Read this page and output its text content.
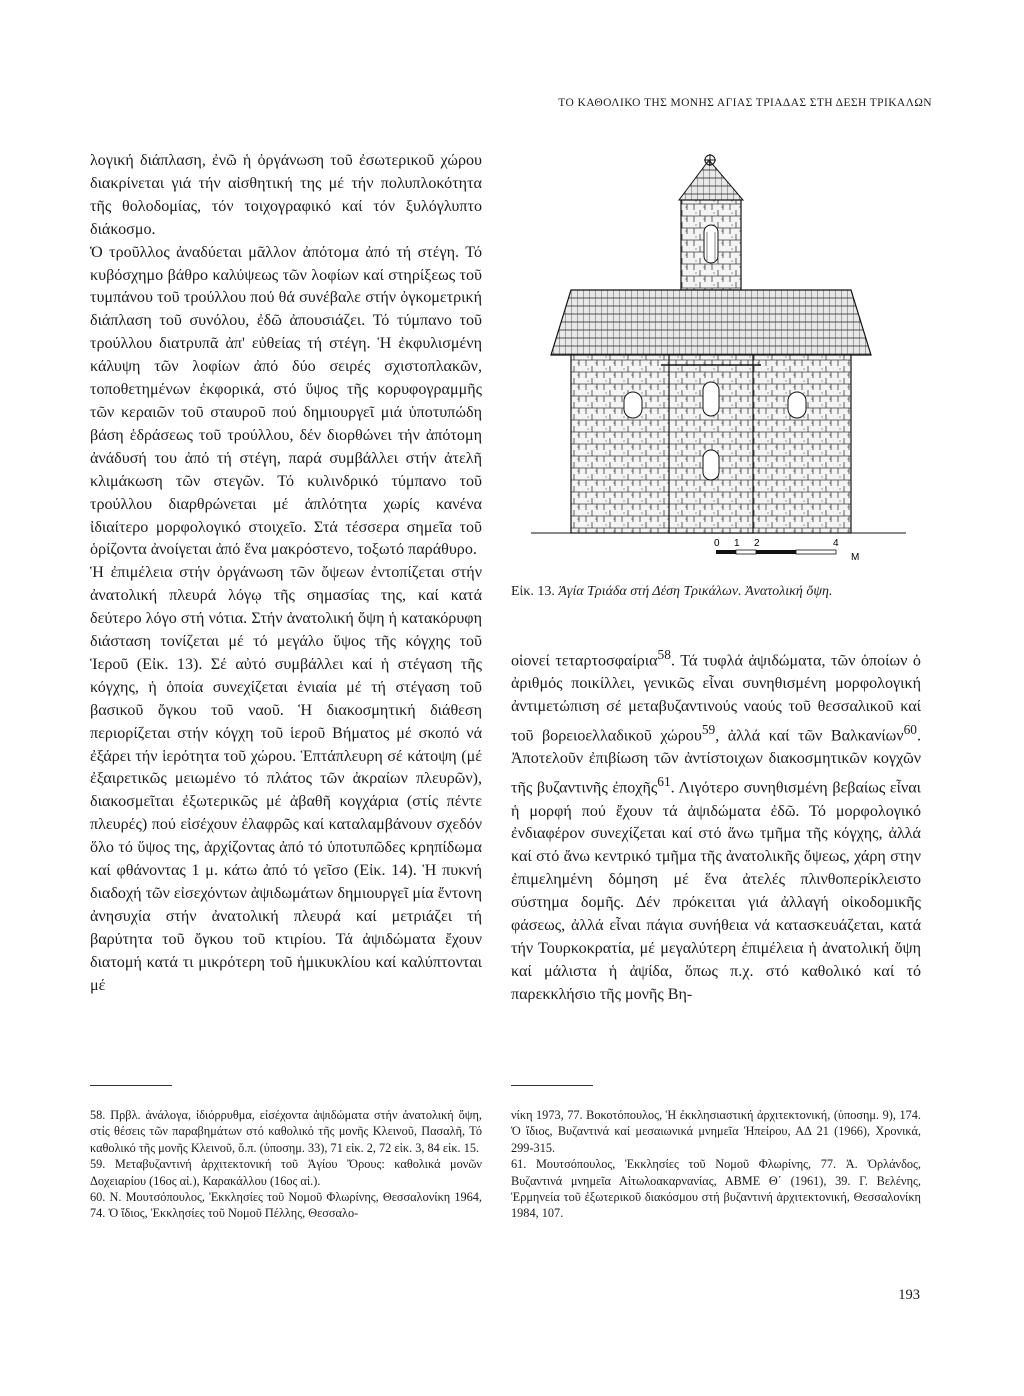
ΤΟ ΚΑΘΟΛΙΚΟ ΤΗΣ ΜΟΝΗΣ ΑΓΙΑΣ ΤΡΙΑΔΑΣ ΣΤΗ ΔΕΣΗ ΤΡΙΚΑΛΩΝ

λογική διάπλαση, ἐνῶ ἡ ὀργάνωση τοῦ ἐσωτερικοῦ χώρου διακρίνεται γιά τήν αἰσθητική της μέ τήν πολυπλοκότητα τῆς θολοδομίας, τόν τοιχογραφικό καί τόν ξυλόγλυπτο διάκοσμο.

Ὁ τροῦλλος ἀναδύεται μᾶλλον ἀπότομα ἀπό τή στέγη. Τό κυβόσχημο βάθρο καλύψεως τῶν λοφίων καί στηρίξεως τοῦ τυμπάνου τοῦ τρούλλου πού θά συνέβαλε στήν ὀγκομετρική διάπλαση τοῦ συνόλου, ἐδῶ ἀπουσιάζει. Τό τύμπανο τοῦ τρούλλου διατρυπᾶ ἀπ' εὐθείας τή στέγη. Ἡ ἐκφυλισμένη κάλυψη τῶν λοφίων ἀπό δύο σειρές σχιστοπλακῶν, τοποθετημένων ἐκφορικά, στό ὕψος τῆς κορυφογραμμῆς τῶν κεραιῶν τοῦ σταυροῦ πού δημιουργεῖ μιά ὑποτυπώδη βάση ἑδράσεως τοῦ τρούλλου, δέν διορθώνει τήν ἀπότομη ἀνάδυσή του ἀπό τή στέγη, παρά συμβάλλει στήν ἀτελῆ κλιμάκωση τῶν στεγῶν. Τό κυλινδρικό τύμπανο τοῦ τρούλλου διαρθρώνεται μέ ἁπλότητα χωρίς κανένα ἰδιαίτερο μορφολογικό στοιχεῖο. Στά τέσσερα σημεῖα τοῦ ὁρίζοντα ἀνοίγεται ἀπό ἕνα μακρόστενο, τοξωτό παράθυρο.

Ἡ ἐπιμέλεια στήν ὀργάνωση τῶν ὄψεων ἐντοπίζεται στήν ἀνατολική πλευρά λόγῳ τῆς σημασίας της, καί κατά δεύτερο λόγο στή νότια. Στήν ἀνατολική ὄψη ἡ κατακόρυφη διάσταση τονίζεται μέ τό μεγάλο ὕψος τῆς κόγχης τοῦ Ἱεροῦ (Εἰκ. 13). Σέ αὐτό συμβάλλει καί ἡ στέγαση τῆς κόγχης, ἡ ὁποία συνεχίζεται ἑνιαία μέ τή στέγαση τοῦ βασικοῦ ὄγκου τοῦ ναοῦ. Ἡ διακοσμητική διάθεση περιορίζεται στήν κόγχη τοῦ ἱεροῦ Βήματος μέ σκοπό νά ἐξάρει τήν ἱερότητα τοῦ χώρου. Ἑπτάπλευρη σέ κάτοψη (μέ ἐξαιρετικῶς μειωμένο τό πλάτος τῶν ἀκραίων πλευρῶν), διακοσμεῖται ἐξωτερικῶς μέ ἀβαθῆ κογχάρια (στίς πέντε πλευρές) πού εἰσέχουν ἐλαφρῶς καί καταλαμβάνουν σχεδόν ὅλο τό ὕψος της, ἀρχίζοντας ἀπό τό ὑποτυπῶδες κρηπίδωμα καί φθάνοντας 1 μ. κάτω ἀπό τό γεῖσο (Εἰκ. 14). Ἡ πυκνή διαδοχή τῶν εἰσεχόντων ἀψιδωμάτων δημιουργεῖ μία ἔντονη ἀνησυχία στήν ἀνατολική πλευρά καί μετριάζει τή βαρύτητα τοῦ ὄγκου τοῦ κτιρίου. Τά ἀψιδώματα ἔχουν διατομή κατά τι μικρότερη τοῦ ἡμικυκλίου καί καλύπτονται μέ

0 1 2	4
M
Εἰκ. 13. Ἁγία Τριάδα στή Δέση Τρικάλων. Ἀνατολική ὄψη.

οἱονεί τεταρτοσφαίρια$^{58}$. Τά τυφλά ἀψιδώματα, τῶν ὁποίων ὁ ἀριθμός ποικίλλει, γενικῶς εἶναι συνηθισμένη μορφολογική ἀντιμετώπιση σέ μεταβυζαντινούς ναούς τοῦ θεσσαλικοῦ καί τοῦ βορειοελλαδικοῦ χώρου$^{59}$, ἀλλά καί τῶν Βαλκανίων$^{60}$. Ἀποτελοῦν ἐπιβίωση τῶν ἀντίστοιχων διακοσμητικῶν κογχῶν τῆς βυζαντινῆς ἐποχῆς$^{61}$. Λιγότερο συνηθισμένη βεβαίως εἶναι ἡ μορφή πού ἔχουν τά ἀψιδώματα ἐδῶ. Τό μορφολογικό ἐνδιαφέρον συνεχίζεται καί στό ἄνω τμῆμα τῆς κόγχης, ἀλλά καί στό ἄνω κεντρικό τμῆμα τῆς ἀνατολικῆς ὄψεως, χάρη στην ἐπιμελημένη δόμηση μέ ἕνα ἀτελές πλινθοπερίκλειστο σύστημα δομῆς. Δέν πρόκειται γιά ἀλλαγή οἰκοδομικῆς φάσεως, ἀλλά εἶναι πάγια συνήθεια νά κατασκευάζεται, κατά τήν Τουρκοκρατία, μέ μεγαλύτερη ἐπιμέλεια ἡ ἀνατολική ὄψη καί μάλιστα ἡ ἀψίδα, ὅπως π.χ. στό καθολικό καί τό παρεκκλήσιο τῆς μονῆς Βη-

58. Πρβλ. ἀνάλογα, ἰδιόρρυθμα, εἰσέχοντα ἀψιδώματα στήν ἀνατολική ὄψη, στίς θέσεις τῶν παραβημάτων στό καθολικό τῆς μονῆς Κλεινοῦ, Πασαλῆ, Τό καθολικό τῆς μονῆς Κλεινοῦ, ὅ.π. (ὑποσημ. 33), 71 εἰκ. 2, 72 εἰκ. 3, 84 εἰκ. 15.

59. Μεταβυζαντινή ἀρχιτεκτονική τοῦ Ἁγίου Ὄρους: καθολικά μονῶν Δοχειαρίου (16ος αἰ.), Καρακάλλου (16ος αἰ.).

60. Ν. Μουτσόπουλος, Ἐκκλησίες τοῦ Νομοῦ Φλωρίνης, Θεσσαλονίκη 1964, 74. Ὁ ἴδιος, Ἐκκλησίες τοῦ Νομοῦ Πέλλης, Θεσσαλο-

νίκη 1973, 77. Βοκοτόπουλος, Ἡ ἐκκλησιαστική ἀρχιτεκτονική, (ὑποσημ. 9), 174. Ὁ ἴδιος, Βυζαντινά καί μεσαιωνικά μνημεῖα Ἠπείρου, ΑΔ 21 (1966), Χρονικά, 299-315.

61. Μουτσόπουλος, Ἐκκλησίες τοῦ Νομοῦ Φλωρίνης, 77. Ἀ. Ὀρλάνδος, Βυζαντινά μνημεῖα Αἰτωλοακαρνανίας, ΑΒΜΕ Θ΄ (1961), 39. Γ. Βελένης, Ἑρμηνεία τοῦ ἐξωτερικοῦ διακόσμου στή βυζαντινή ἀρχιτεκτονική, Θεσσαλονίκη 1984, 107.

193
